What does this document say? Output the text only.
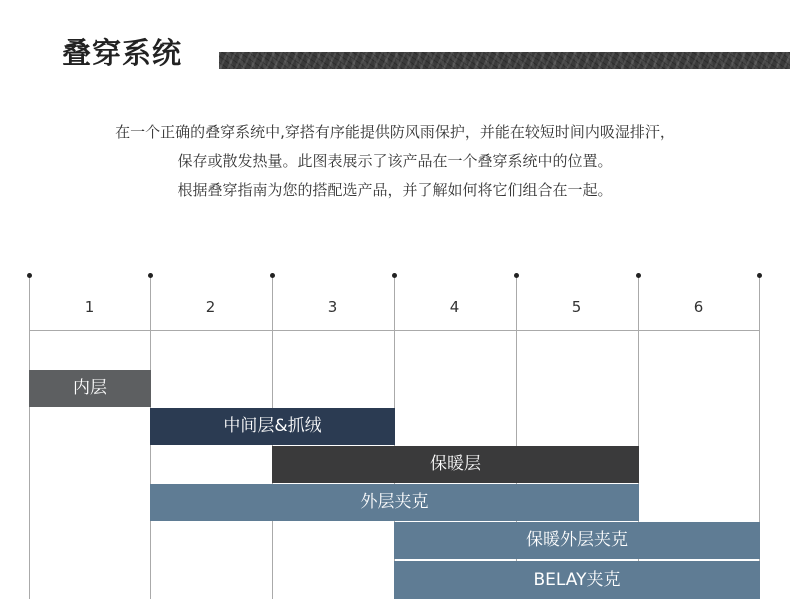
叠穿系统
在一个正确的叠穿系统中,穿搭有序能提供防风雨保护，并能在较短时间内吸湿排汗，
保存或散发热量。此图表展示了该产品在一个叠穿系统中的位置。
根据叠穿指南为您的搭配选产品，并了解如何将它们组合在一起。
1	2	3	4	5	6
内层
中间层&抓绒
保暖层
外层夹克
保暖外层夹克
BELAY夹克
